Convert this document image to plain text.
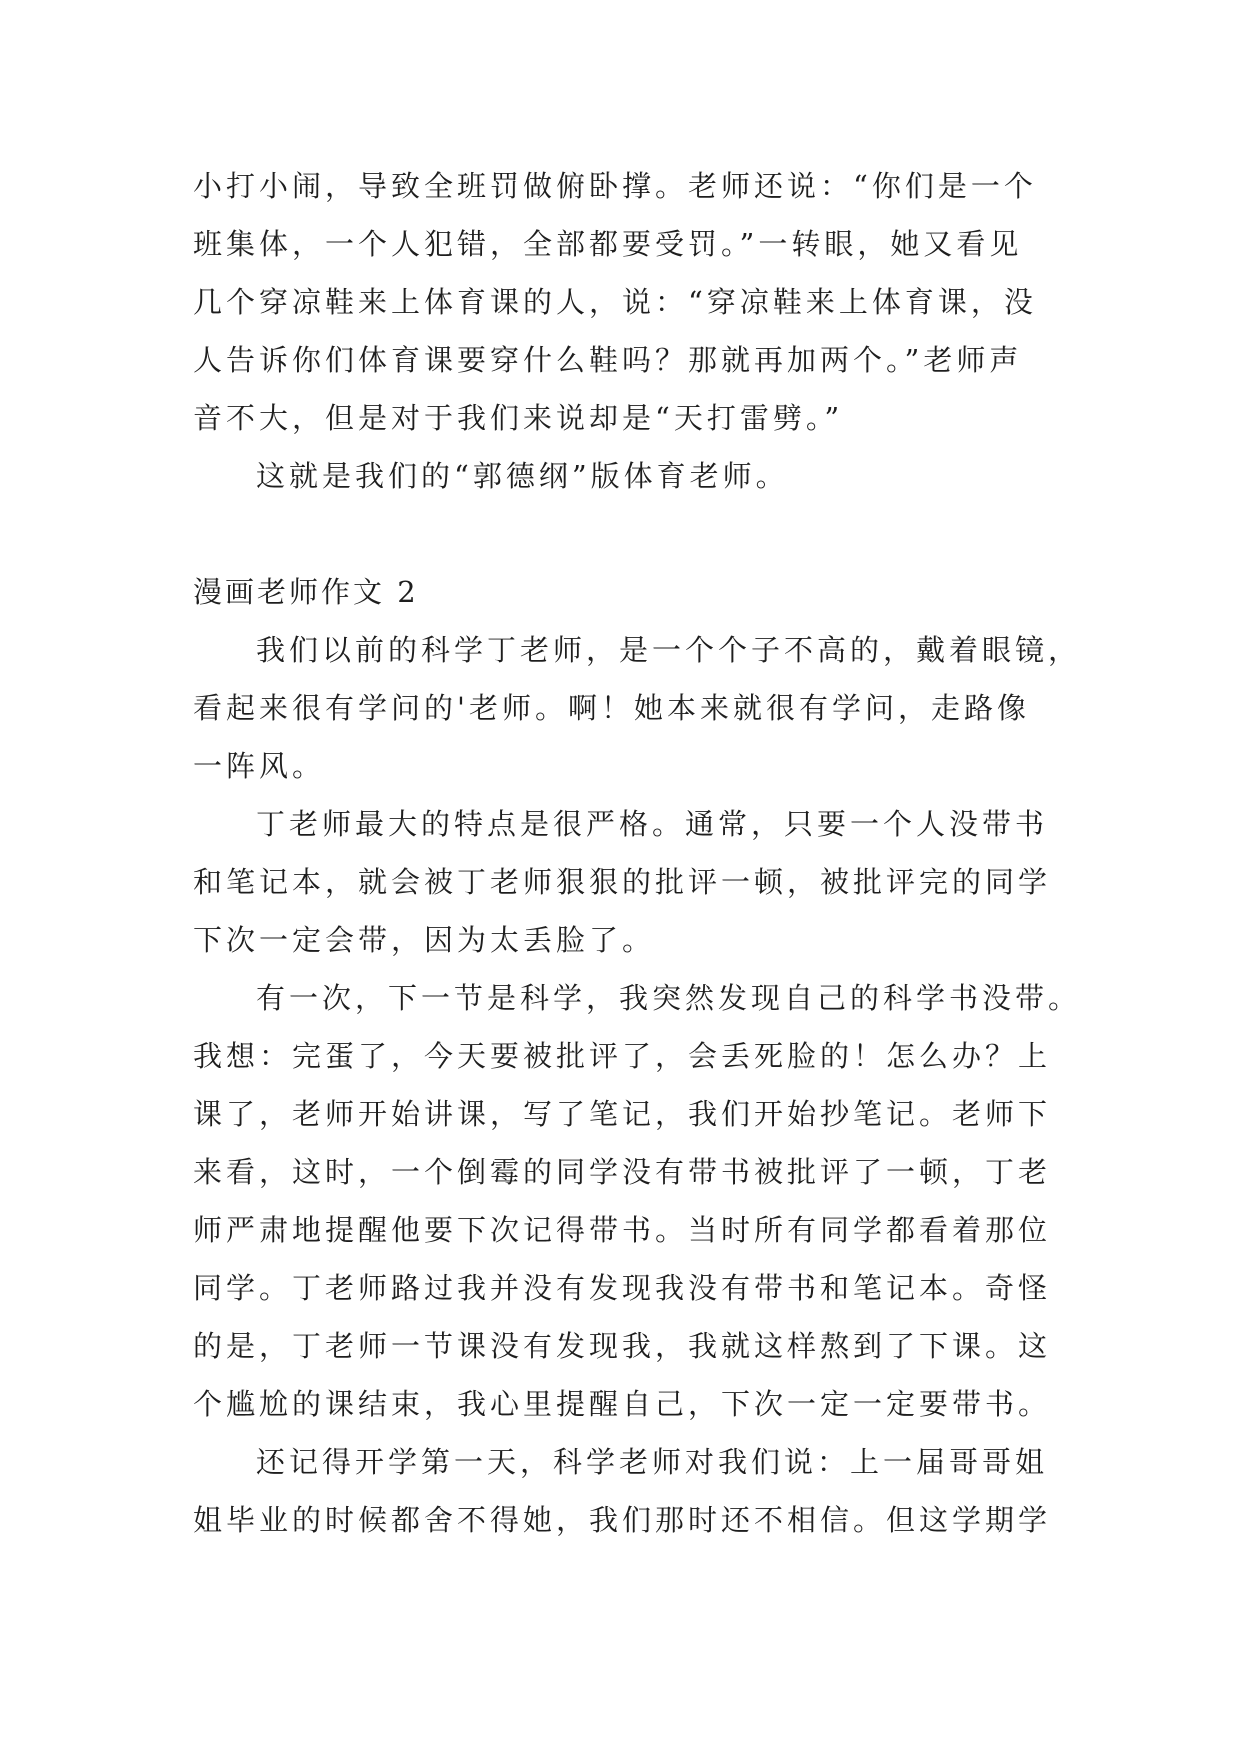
小打小闹，导致全班罚做俯卧撑。老师还说：“你们是一个

班集体，一个人犯错，全部都要受罚。”一转眼，她又看见

几个穿凉鞋来上体育课的人，说：“穿凉鞋来上体育课，没

人告诉你们体育课要穿什么鞋吗？那就再加两个。”老师声

音不大，但是对于我们来说却是“天打雷劈。”

这就是我们的“郭德纲”版体育老师。

漫画老师作文 2

我们以前的科学丁老师，是一个个子不高的，戴着眼镜，

看起来很有学问的'老师。啊！她本来就很有学问，走路像

一阵风。

丁老师最大的特点是很严格。通常，只要一个人没带书

和笔记本，就会被丁老师狠狠的批评一顿，被批评完的同学

下次一定会带，因为太丢脸了。

有一次，下一节是科学，我突然发现自己的科学书没带。

我想：完蛋了，今天要被批评了，会丢死脸的！怎么办？上

课了，老师开始讲课，写了笔记，我们开始抄笔记。老师下

来看，这时，一个倒霉的同学没有带书被批评了一顿，丁老

师严肃地提醒他要下次记得带书。当时所有同学都看着那位

同学。丁老师路过我并没有发现我没有带书和笔记本。奇怪

的是，丁老师一节课没有发现我，我就这样熬到了下课。这

个尴尬的课结束，我心里提醒自己，下次一定一定要带书。

还记得开学第一天，科学老师对我们说：上一届哥哥姐

姐毕业的时候都舍不得她，我们那时还不相信。但这学期学
